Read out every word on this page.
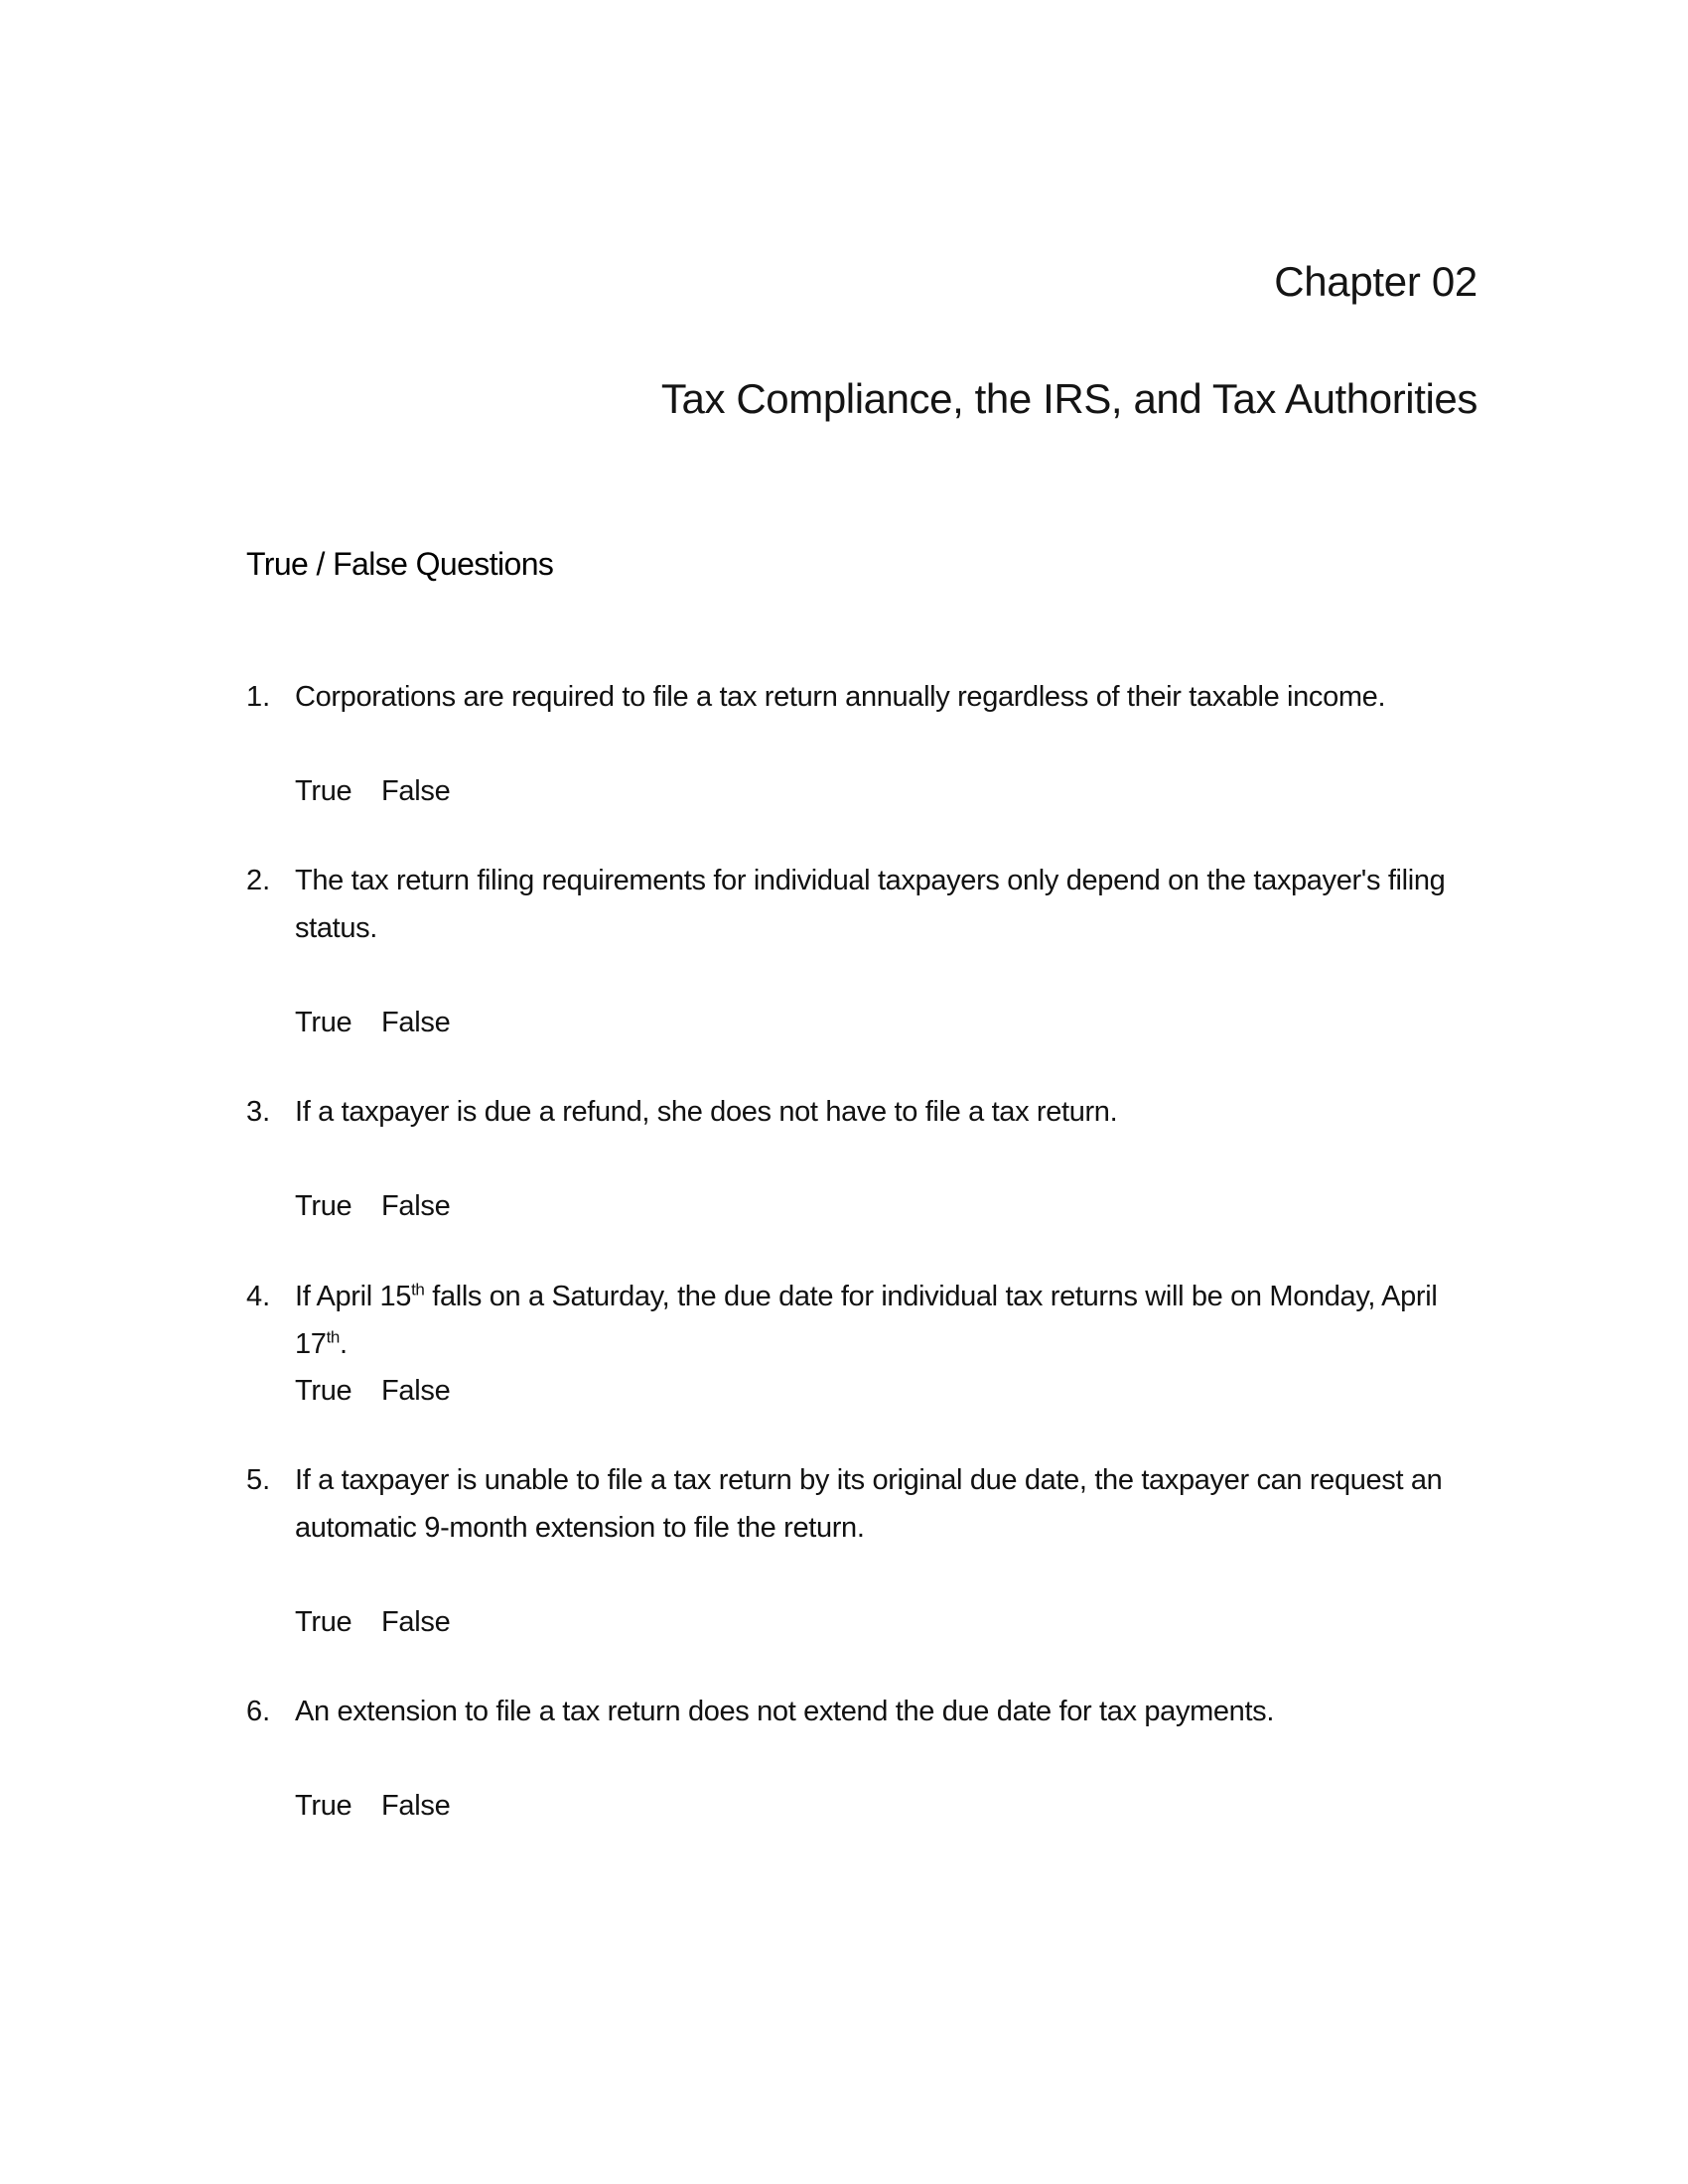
Chapter 02
Tax Compliance, the IRS, and Tax Authorities
True / False Questions
1. Corporations are required to file a tax return annually regardless of their taxable income.
True False
2. The tax return filing requirements for individual taxpayers only depend on the taxpayer's filing status.
True False
3. If a taxpayer is due a refund, she does not have to file a tax return.
True False
4. If April 15th falls on a Saturday, the due date for individual tax returns will be on Monday, April 17th.
True False
5. If a taxpayer is unable to file a tax return by its original due date, the taxpayer can request an automatic 9-month extension to file the return.
True False
6. An extension to file a tax return does not extend the due date for tax payments.
True False
